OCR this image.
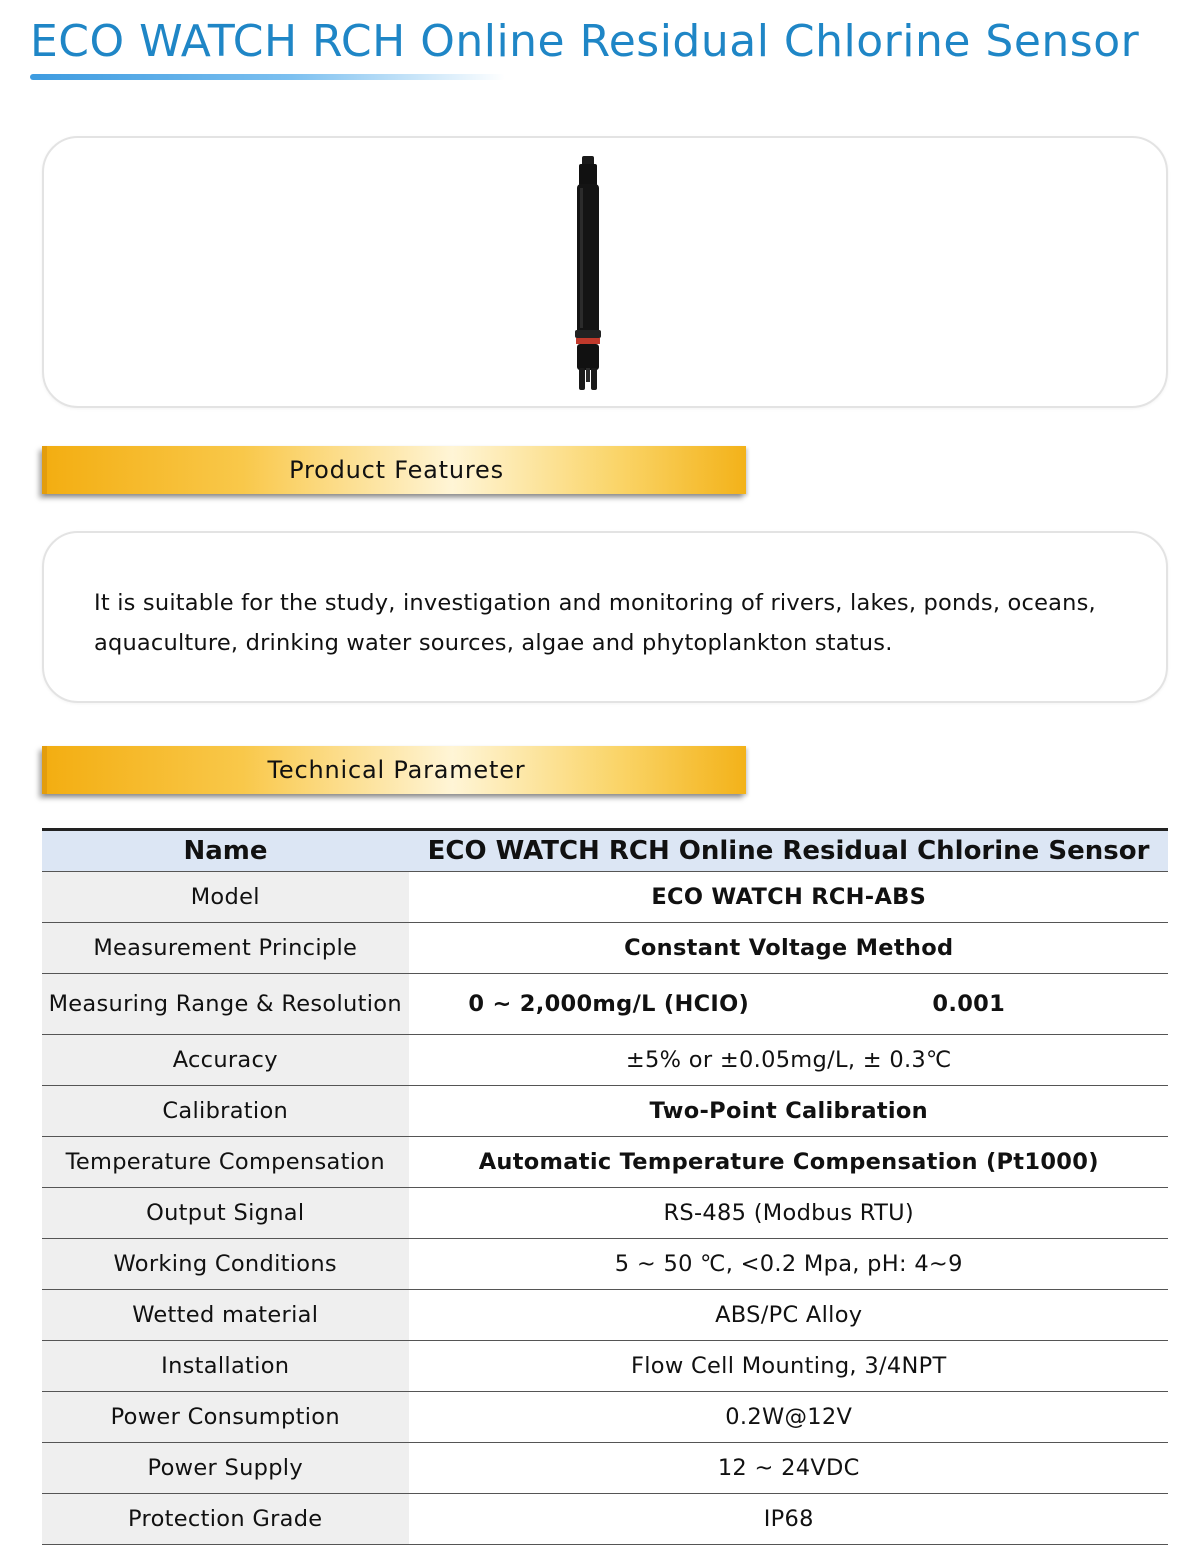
ECO WATCH RCH Online Residual Chlorine Sensor
Product Features

It is suitable for the study, investigation and monitoring of rivers, lakes, ponds, oceans, aquaculture, drinking water sources, algae and phytoplankton status.

Technical Parameter
Name	ECO WATCH RCH Online Residual Chlorine Sensor
Model	ECO WATCH RCH-ABS
Measurement Principle	Constant Voltage Method
Measuring Range & Resolution	0 ~ 2,000mg/L (HCIO) 0.001
Accuracy	±5% or ±0.05mg/L, ± 0.3℃
Calibration	Two-Point Calibration
Temperature Compensation	Automatic Temperature Compensation (Pt1000)
Output Signal	RS-485 (Modbus RTU)
Working Conditions	5 ~ 50 ℃, <0.2 Mpa, pH: 4~9
Wetted material	ABS/PC Alloy
Installation	Flow Cell Mounting, 3/4NPT
Power Consumption	0.2W@12V
Power Supply	12 ~ 24VDC
Protection Grade	IP68
